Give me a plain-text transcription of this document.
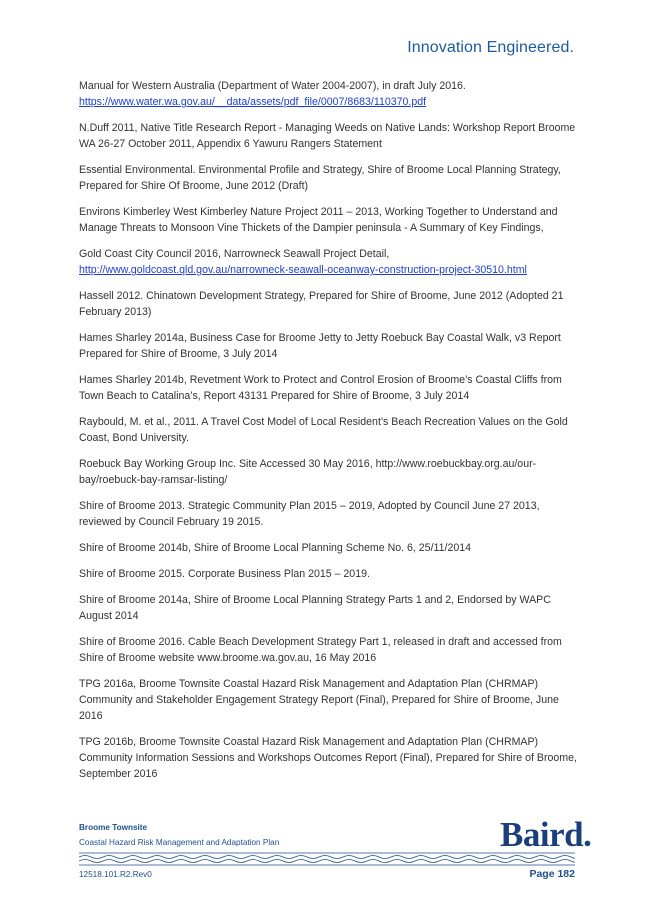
Innovation Engineered.

Manual for Western Australia (Department of Water 2004-2007), in draft July 2016.
https://www.water.wa.gov.au/__data/assets/pdf_file/0007/8683/110370.pdf

N.Duff 2011, Native Title Research Report - Managing Weeds on Native Lands: Workshop Report Broome
WA 26-27 October 2011, Appendix 6 Yawuru Rangers Statement

Essential Environmental. Environmental Profile and Strategy, Shire of Broome Local Planning Strategy,
Prepared for Shire Of Broome, June 2012 (Draft)

Environs Kimberley West Kimberley Nature Project 2011 – 2013, Working Together to Understand and
Manage Threats to Monsoon Vine Thickets of the Dampier peninsula - A Summary of Key Findings,

Gold Coast City Council 2016, Narrowneck Seawall Project Detail,
http://www.goldcoast.qld.gov.au/narrowneck-seawall-oceanway-construction-project-30510.html

Hassell 2012. Chinatown Development Strategy, Prepared for Shire of Broome, June 2012 (Adopted 21
February 2013)

Hames Sharley 2014a, Business Case for Broome Jetty to Jetty Roebuck Bay Coastal Walk, v3 Report
Prepared for Shire of Broome, 3 July 2014

Hames Sharley 2014b, Revetment Work to Protect and Control Erosion of Broome’s Coastal Cliffs from
Town Beach to Catalina’s, Report 43131 Prepared for Shire of Broome, 3 July 2014

Raybould, M. et al., 2011. A Travel Cost Model of Local Resident’s Beach Recreation Values on the Gold
Coast, Bond University.

Roebuck Bay Working Group Inc. Site Accessed 30 May 2016, http://www.roebuckbay.org.au/our-
bay/roebuck-bay-ramsar-listing/

Shire of Broome 2013. Strategic Community Plan 2015 – 2019, Adopted by Council June 27 2013,
reviewed by Council February 19 2015.

Shire of Broome 2014b, Shire of Broome Local Planning Scheme No. 6, 25/11/2014

Shire of Broome 2015. Corporate Business Plan 2015 – 2019.

Shire of Broome 2014a, Shire of Broome Local Planning Strategy Parts 1 and 2, Endorsed by WAPC
August 2014

Shire of Broome 2016. Cable Beach Development Strategy Part 1, released in draft and accessed from
Shire of Broome website www.broome.wa.gov.au, 16 May 2016

TPG 2016a, Broome Townsite Coastal Hazard Risk Management and Adaptation Plan (CHRMAP)
Community and Stakeholder Engagement Strategy Report (Final), Prepared for Shire of Broome, June
2016

TPG 2016b, Broome Townsite Coastal Hazard Risk Management and Adaptation Plan (CHRMAP)
Community Information Sessions and Workshops Outcomes Report (Final), Prepared for Shire of Broome,
September 2016

Broome Townsite
Coastal Hazard Risk Management and Adaptation Plan	Baird.
12518.101.R2.Rev0	Page 182
